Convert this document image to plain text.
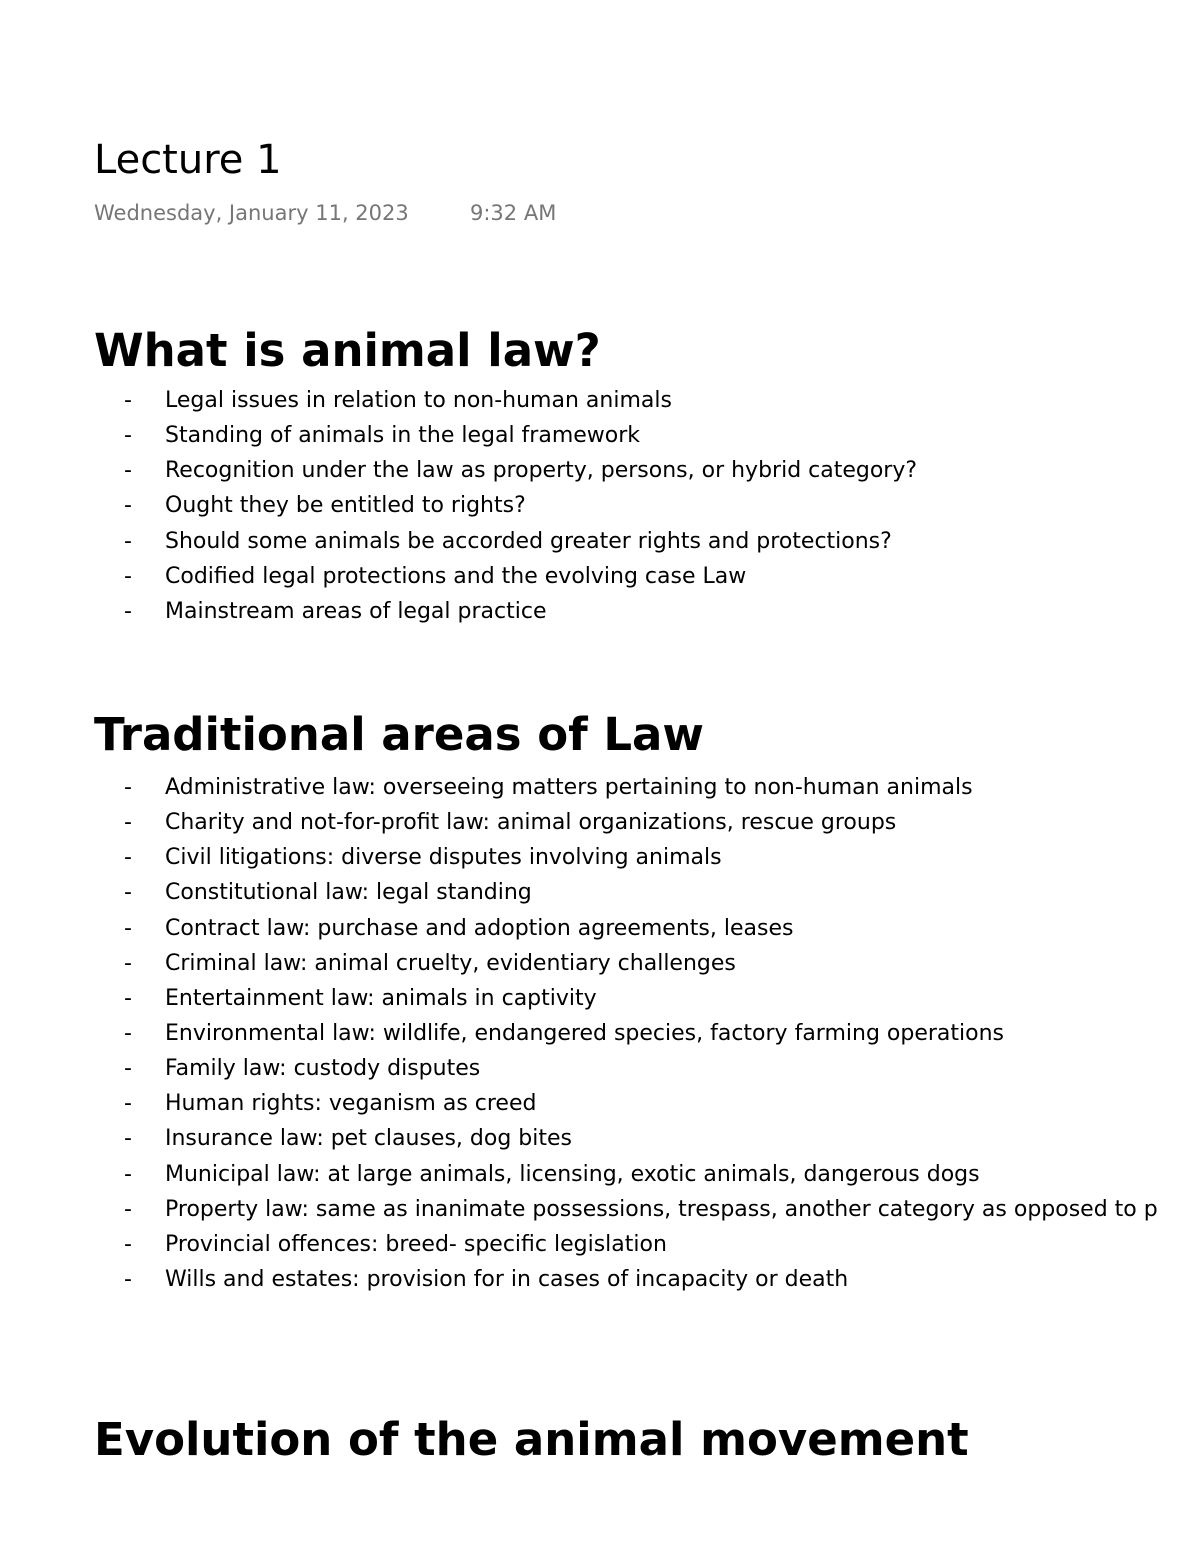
Lecture 1
Wednesday, January 11, 2023	9:32 AM
What is animal law?
- Legal issues in relation to non-human animals
- Standing of animals in the legal framework
- Recognition under the law as property, persons, or hybrid category?
- Ought they be entitled to rights?
- Should some animals be accorded greater rights and protections?
- Codified legal protections and the evolving case Law
- Mainstream areas of legal practice
Traditional areas of Law
- Administrative law: overseeing matters pertaining to non-human animals
- Charity and not-for-profit law: animal organizations, rescue groups
- Civil litigations: diverse disputes involving animals
- Constitutional law: legal standing
- Contract law: purchase and adoption agreements, leases
- Criminal law: animal cruelty, evidentiary challenges
- Entertainment law: animals in captivity
- Environmental law: wildlife, endangered species, factory farming operations
- Family law: custody disputes
- Human rights: veganism as creed
- Insurance law: pet clauses, dog bites
- Municipal law: at large animals, licensing, exotic animals, dangerous dogs
- Property law: same as inanimate possessions, trespass, another category as opposed to p
- Provincial offences: breed- specific legislation
- Wills and estates: provision for in cases of incapacity or death
Evolution of the animal movement
